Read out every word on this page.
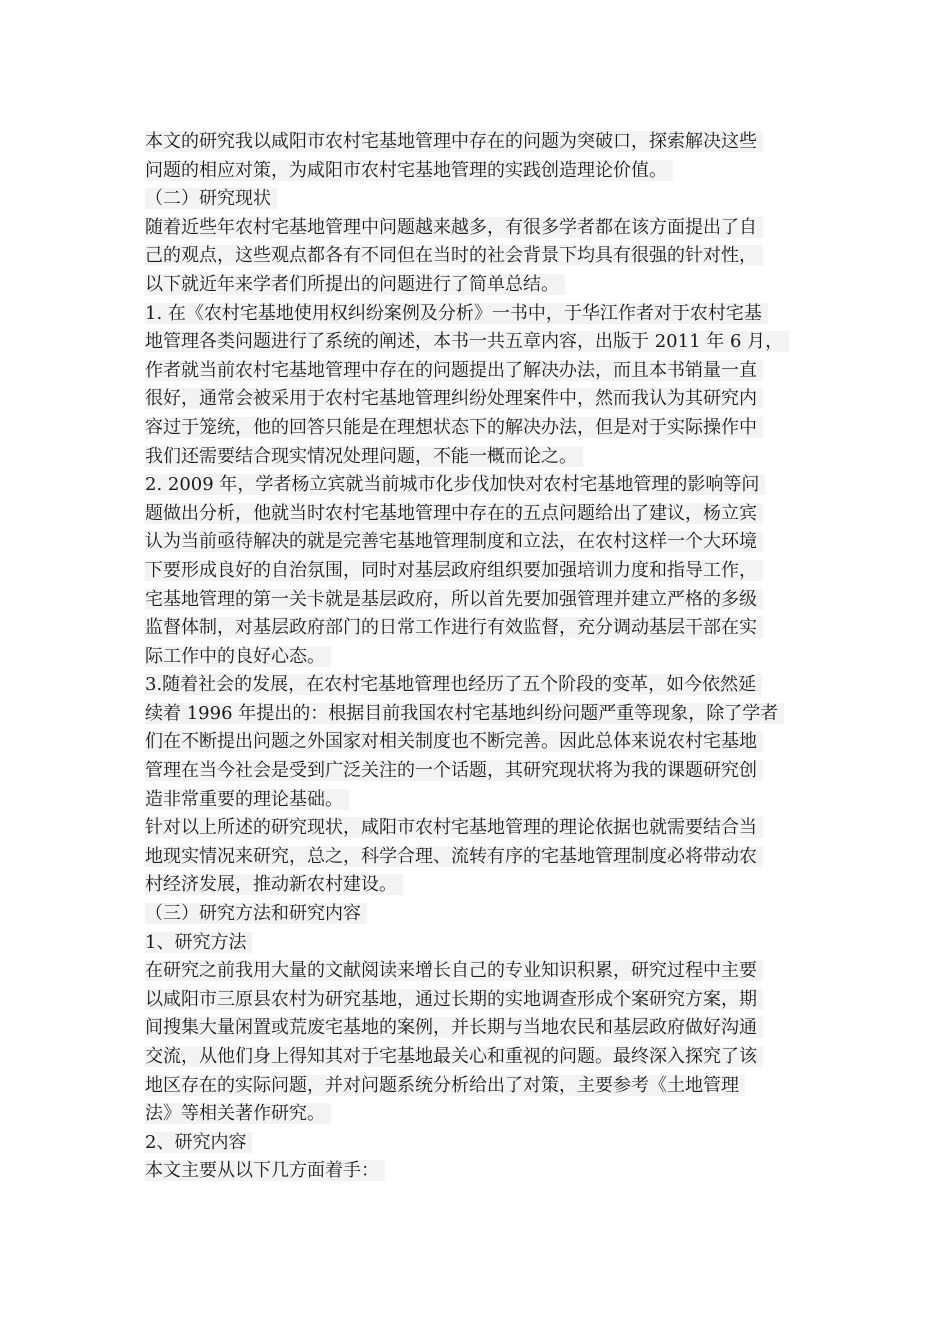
本文的研究我以咸阳市农村宅基地管理中存在的问题为突破口，探索解决这些
问题的相应对策，为咸阳市农村宅基地管理的实践创造理论价值。
（二）研究现状
随着近些年农村宅基地管理中问题越来越多，有很多学者都在该方面提出了自
己的观点，这些观点都各有不同但在当时的社会背景下均具有很强的针对性，
以下就近年来学者们所提出的问题进行了简单总结。
1. 在《农村宅基地使用权纠纷案例及分析》一书中，于华江作者对于农村宅基
地管理各类问题进行了系统的阐述，本书一共五章内容，出版于 2011 年 6 月，
作者就当前农村宅基地管理中存在的问题提出了解决办法，而且本书销量一直
很好，通常会被采用于农村宅基地管理纠纷处理案件中，然而我认为其研究内
容过于笼统，他的回答只能是在理想状态下的解决办法，但是对于实际操作中
我们还需要结合现实情况处理问题，不能一概而论之。
2. 2009 年，学者杨立宾就当前城市化步伐加快对农村宅基地管理的影响等问
题做出分析，他就当时农村宅基地管理中存在的五点问题给出了建议，杨立宾
认为当前亟待解决的就是完善宅基地管理制度和立法，在农村这样一个大环境
下要形成良好的自治氛围，同时对基层政府组织要加强培训力度和指导工作，
宅基地管理的第一关卡就是基层政府，所以首先要加强管理并建立严格的多级
监督体制，对基层政府部门的日常工作进行有效监督，充分调动基层干部在实
际工作中的良好心态。
3.随着社会的发展，在农村宅基地管理也经历了五个阶段的变革，如今依然延
续着 1996 年提出的：根据目前我国农村宅基地纠纷问题严重等现象，除了学者
们在不断提出问题之外国家对相关制度也不断完善。因此总体来说农村宅基地
管理在当今社会是受到广泛关注的一个话题，其研究现状将为我的课题研究创
造非常重要的理论基础。
针对以上所述的研究现状，咸阳市农村宅基地管理的理论依据也就需要结合当
地现实情况来研究，总之，科学合理、流转有序的宅基地管理制度必将带动农
村经济发展，推动新农村建设。
（三）研究方法和研究内容
1、研究方法
在研究之前我用大量的文献阅读来增长自己的专业知识积累，研究过程中主要
以咸阳市三原县农村为研究基地，通过长期的实地调查形成个案研究方案，期
间搜集大量闲置或荒废宅基地的案例，并长期与当地农民和基层政府做好沟通
交流，从他们身上得知其对于宅基地最关心和重视的问题。最终深入探究了该
地区存在的实际问题，并对问题系统分析给出了对策，主要参考《土地管理
法》等相关著作研究。
2、研究内容
本文主要从以下几方面着手：
